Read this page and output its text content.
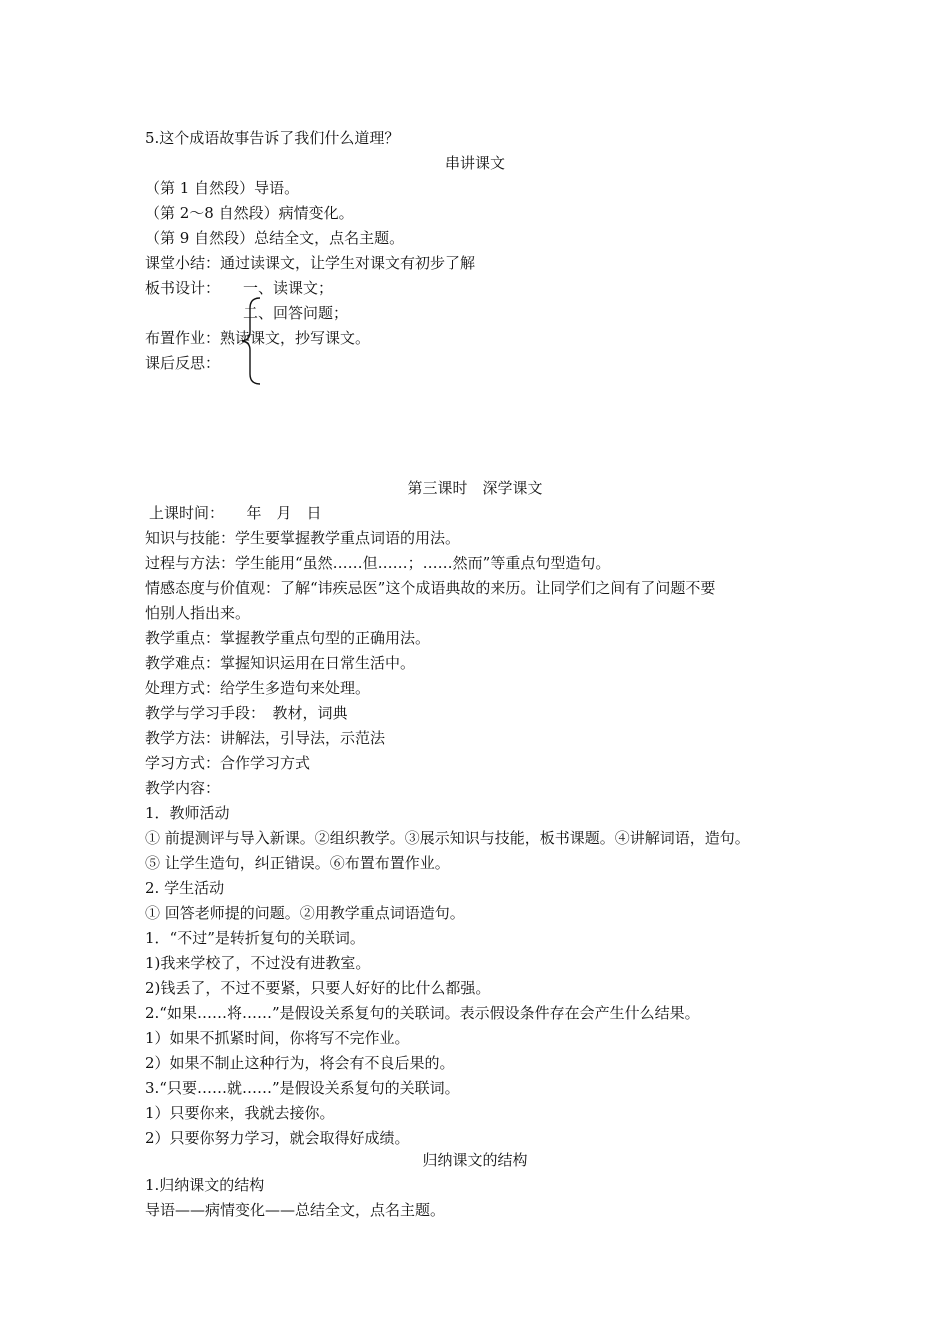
5.这个成语故事告诉了我们什么道理？
串讲课文
（第 1 自然段）导语。
（第 2～8 自然段）病情变化。
（第 9 自然段）总结全文，点名主题。
课堂小结：通过读课文，让学生对课文有初步了解
板书设计： 一、读课文；
二、回答问题；
布置作业：熟读课文，抄写课文。
课后反思：
第三课时　深学课文
上课时间：　　年　月　日
知识与技能：学生要掌握教学重点词语的用法。
过程与方法：学生能用“虽然……但……；……然而”等重点句型造句。
情感态度与价值观：了解“讳疾忌医”这个成语典故的来历。让同学们之间有了问题不要
怕别人指出来。
教学重点：掌握教学重点句型的正确用法。
教学难点：掌握知识运用在日常生活中。
处理方式：给学生多造句来处理。
教学与学习手段：　教材，词典
教学方法：讲解法，引导法，示范法
学习方式：合作学习方式
教学内容：
1．教师活动
① 前提测评与导入新课。②组织教学。③展示知识与技能，板书课题。④讲解词语，造句。
⑤ 让学生造句，纠正错误。⑥布置布置作业。
2. 学生活动
① 回答老师提的问题。②用教学重点词语造句。
1．“不过”是转折复句的关联词。
1)我来学校了，不过没有进教室。
2)钱丢了，不过不要紧，只要人好好的比什么都强。
2.“如果……将……”是假设关系复句的关联词。表示假设条件存在会产生什么结果。
1）如果不抓紧时间，你将写不完作业。
2）如果不制止这种行为，将会有不良后果的。
3.“只要……就……”是假设关系复句的关联词。
1）只要你来，我就去接你。
2）只要你努力学习，就会取得好成绩。
归纳课文的结构
1.归纳课文的结构
导语——病情变化——总结全文，点名主题。
